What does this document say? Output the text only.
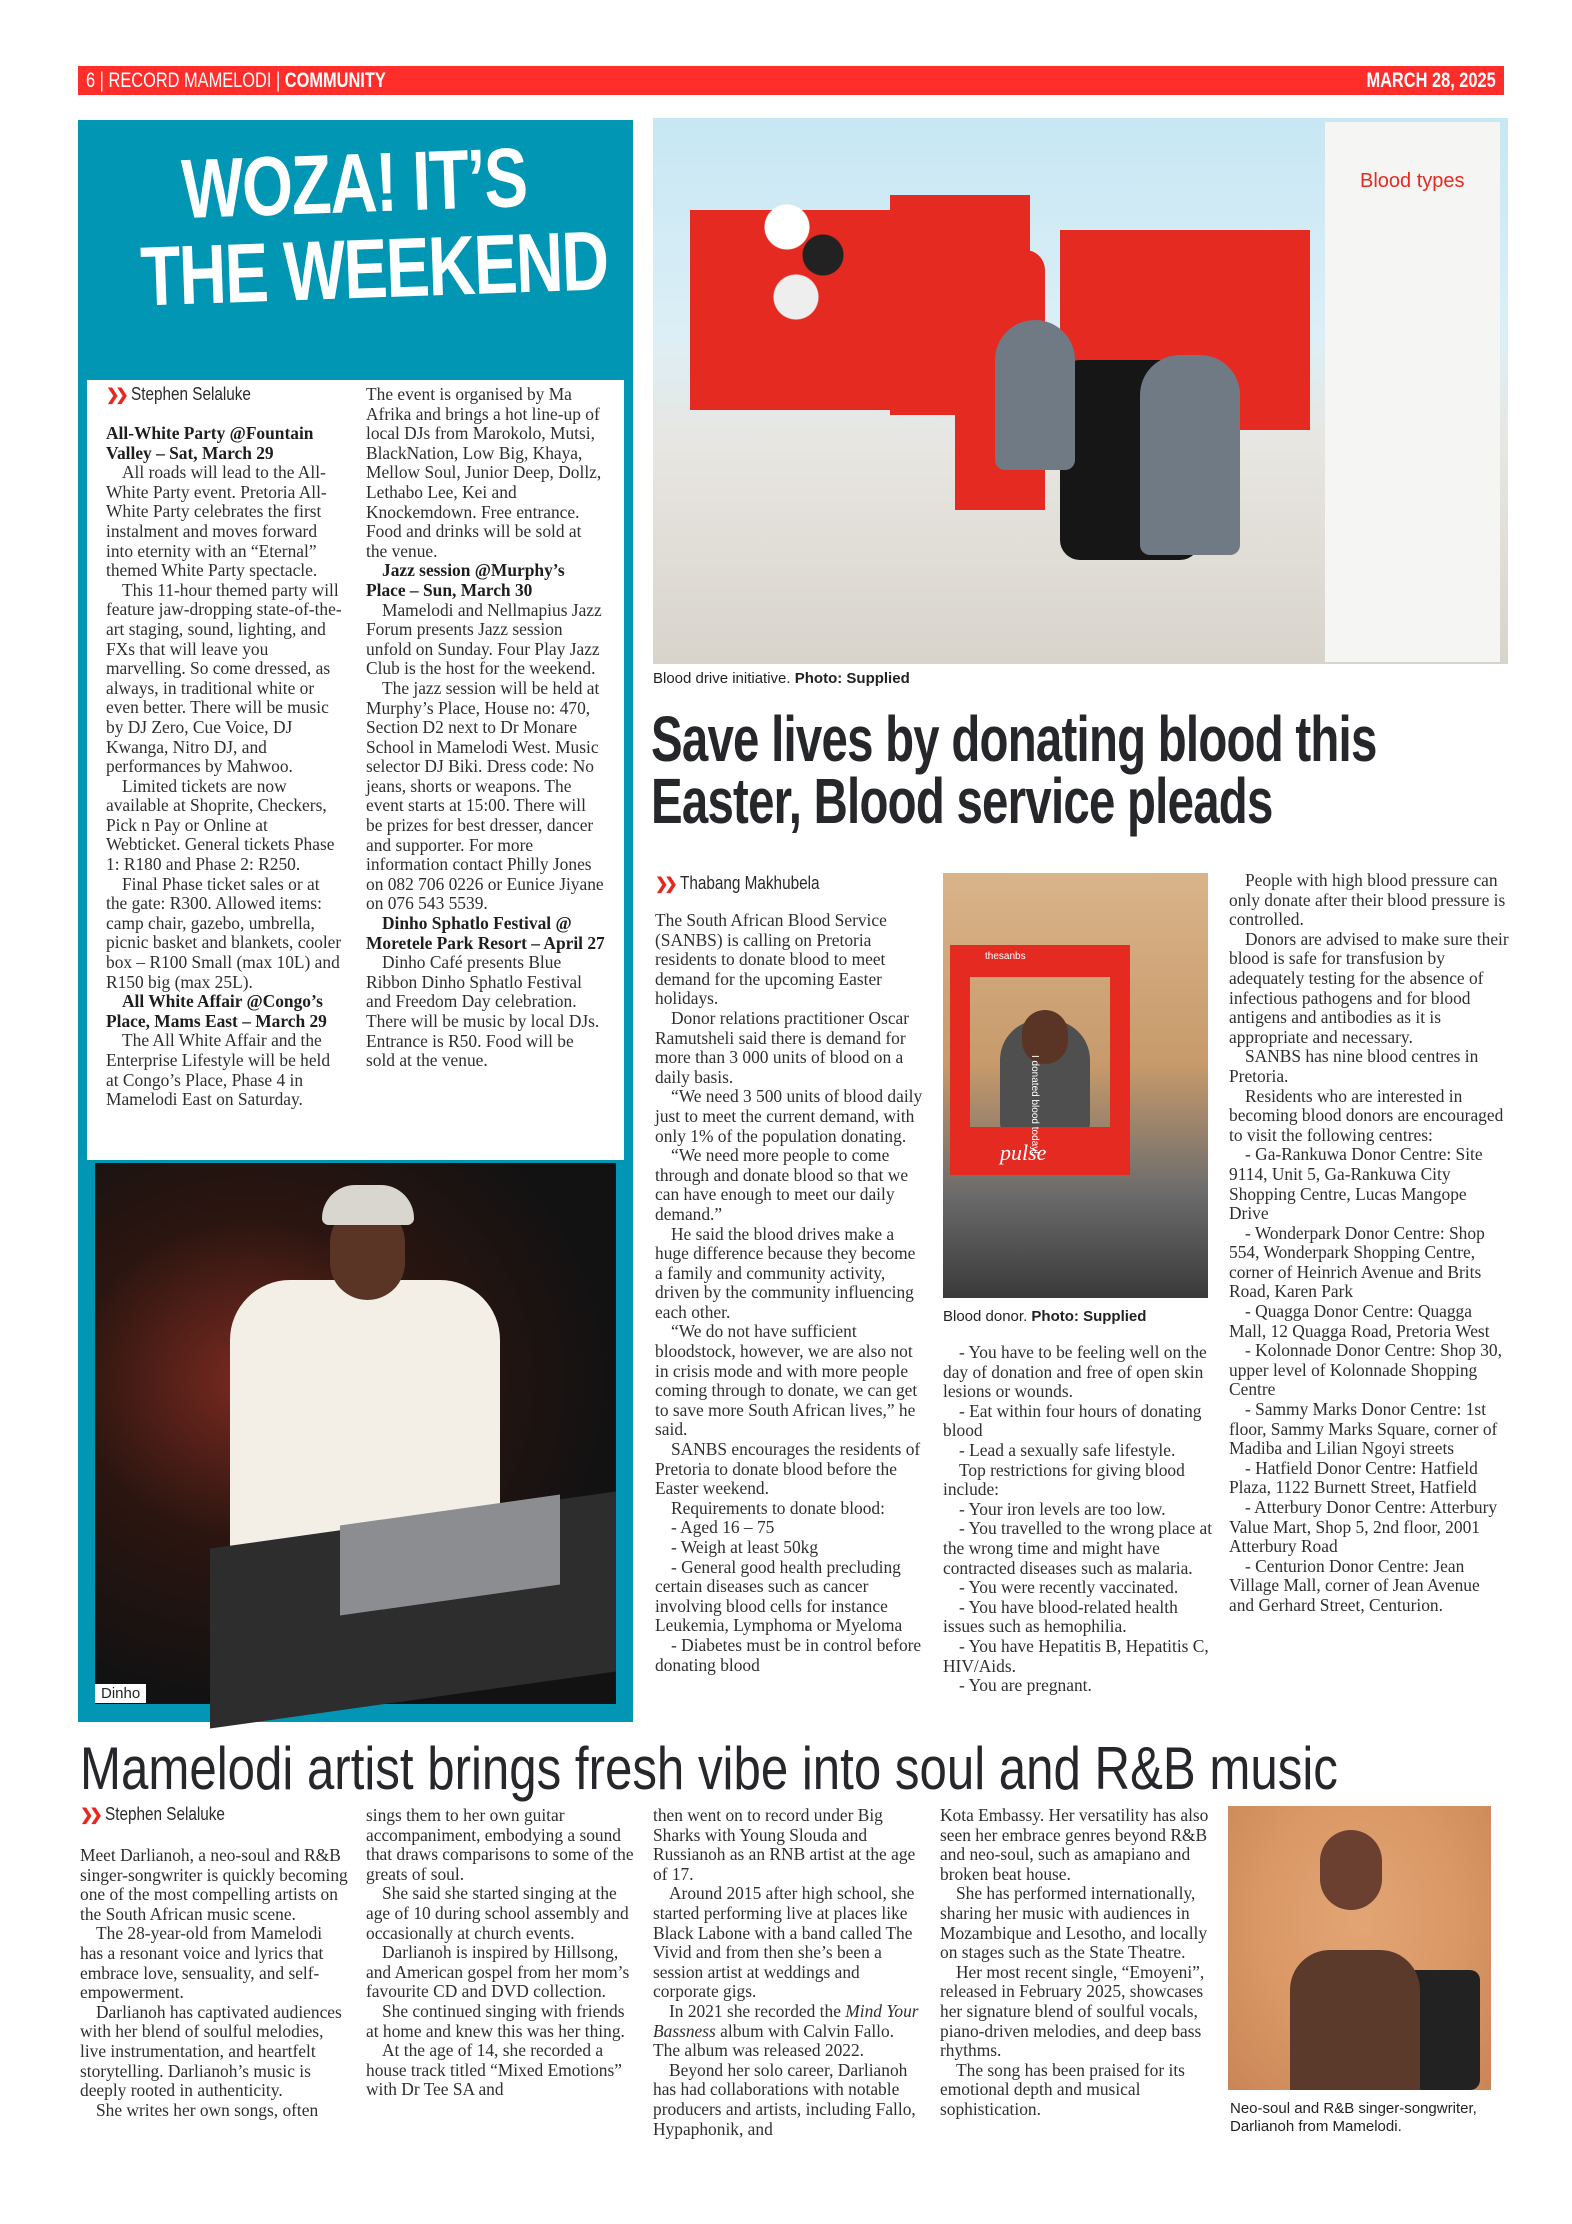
6 | RECORD MAMELODI | COMMUNITY	MARCH 28, 2025
WOZA! IT’S
THE WEEKEND
❯❯ Stephen Selaluke

All-White Party @Fountain Valley – Sat, March 29

All roads will lead to the All-White Party event. Pretoria All-White Party celebrates the first instalment and moves forward into eternity with an “Eternal” themed White Party spectacle.

This 11-hour themed party will feature jaw-dropping state-of-the-art staging, sound, lighting, and FXs that will leave you marvelling. So come dressed, as always, in traditional white or even better. There will be music by DJ Zero, Cue Voice, DJ Kwanga, Nitro DJ, and performances by Mahwoo.

Limited tickets are now available at Shoprite, Checkers, Pick n Pay or Online at Webticket. General tickets Phase 1: R180 and Phase 2: R250.

Final Phase ticket sales or at the gate: R300. Allowed items: camp chair, gazebo, umbrella, picnic basket and blankets, cooler box – R100 Small (max 10L) and R150 big (max 25L).

All White Affair @Congo’s Place, Mams East – March 29

The All White Affair and the Enterprise Lifestyle will be held at Congo’s Place, Phase 4 in Mamelodi East on Saturday.

The event is organised by Ma Afrika and brings a hot line-up of local DJs from Marokolo, Mutsi, BlackNation, Low Big, Khaya, Mellow Soul, Junior Deep, Dollz, Lethabo Lee, Kei and Knockemdown. Free entrance. Food and drinks will be sold at the venue.

Jazz session @Murphy’s Place – Sun, March 30

Mamelodi and Nellmapius Jazz Forum presents Jazz session unfold on Sunday. Four Play Jazz Club is the host for the weekend.

The jazz session will be held at Murphy’s Place, House no: 470, Section D2 next to Dr Monare School in Mamelodi West. Music selector DJ Biki. Dress code: No jeans, shorts or weapons. The event starts at 15:00. There will be prizes for best dresser, dancer and supporter. For more information contact Philly Jones on 082 706 0226 or Eunice Jiyane on 076 543 5539.

Dinho Sphatlo Festival @ Moretele Park Resort – April 27

Dinho Café presents Blue Ribbon Dinho Sphatlo Festival and Freedom Day celebration. There will be music by local DJs. Entrance is R50. Food will be sold at the venue.

Dinho
Blood types
Blood drive initiative. Photo: Supplied
Save lives by donating blood this
Easter, Blood service pleads
❯❯ Thabang Makhubela

The South African Blood Service (SANBS) is calling on Pretoria residents to donate blood to meet demand for the upcoming Easter holidays.

Donor relations practitioner Oscar Ramutsheli said there is demand for more than 3 000 units of blood on a daily basis.

“We need 3 500 units of blood daily just to meet the current demand, with only 1% of the population donating.

“We need more people to come through and donate blood so that we can have enough to meet our daily demand.”

He said the blood drives make a huge difference because they become a family and community activity, driven by the community influencing each other.

“We do not have sufficient bloodstock, however, we are also not in crisis mode and with more people coming through to donate, we can get to save more South African lives,” he said.

SANBS encourages the residents of Pretoria to donate blood before the Easter weekend.

Requirements to donate blood:

- Aged 16 – 75

- Weigh at least 50kg

- General good health precluding certain diseases such as cancer involving blood cells for instance Leukemia, Lymphoma or Myeloma

- Diabetes must be in control before donating blood

thesanbs
pulse
I donated blood today!
Blood donor. Photo: Supplied

- You have to be feeling well on the day of donation and free of open skin lesions or wounds.

- Eat within four hours of donating blood

- Lead a sexually safe lifestyle.

Top restrictions for giving blood include:

- Your iron levels are too low.

- You travelled to the wrong place at the wrong time and might have contracted diseases such as malaria.

- You were recently vaccinated.

- You have blood-related health issues such as hemophilia.

- You have Hepatitis B, Hepatitis C, HIV/Aids.

- You are pregnant.

People with high blood pressure can only donate after their blood pressure is controlled.

Donors are advised to make sure their blood is safe for transfusion by adequately testing for the absence of infectious pathogens and for blood antigens and antibodies as it is appropriate and necessary.

SANBS has nine blood centres in Pretoria.

Residents who are interested in becoming blood donors are encouraged to visit the following centres:

- Ga-Rankuwa Donor Centre: Site 9114, Unit 5, Ga-Rankuwa City Shopping Centre, Lucas Mangope Drive

- Wonderpark Donor Centre: Shop 554, Wonderpark Shopping Centre, corner of Heinrich Avenue and Brits Road, Karen Park

- Quagga Donor Centre: Quagga Mall, 12 Quagga Road, Pretoria West

- Kolonnade Donor Centre: Shop 30, upper level of Kolonnade Shopping Centre

- Sammy Marks Donor Centre: 1st floor, Sammy Marks Square, corner of Madiba and Lilian Ngoyi streets

- Hatfield Donor Centre: Hatfield Plaza, 1122 Burnett Street, Hatfield

- Atterbury Donor Centre: Atterbury Value Mart, Shop 5, 2nd floor, 2001 Atterbury Road

- Centurion Donor Centre: Jean Village Mall, corner of Jean Avenue and Gerhard Street, Centurion.

Mamelodi artist brings fresh vibe into soul and R&B music
❯❯ Stephen Selaluke

Meet Darlianoh, a neo-soul and R&B singer-songwriter is quickly becoming one of the most compelling artists on the South African music scene.

The 28-year-old from Mamelodi has a resonant voice and lyrics that embrace love, sensuality, and self-empowerment.

Darlianoh has captivated audiences with her blend of soulful melodies, live instrumentation, and heartfelt storytelling. Darlianoh’s music is deeply rooted in authenticity.

She writes her own songs, often

sings them to her own guitar accompaniment, embodying a sound that draws comparisons to some of the greats of soul.

She said she started singing at the age of 10 during school assembly and occasionally at church events.

Darlianoh is inspired by Hillsong, and American gospel from her mom’s favourite CD and DVD collection.

She continued singing with friends at home and knew this was her thing.

At the age of 14, she recorded a house track titled “Mixed Emotions” with Dr Tee SA and

then went on to record under Big Sharks with Young Slouda and Russianoh as an RNB artist at the age of 17.

Around 2015 after high school, she started performing live at places like Black Labone with a band called The Vivid and from then she’s been a session artist at weddings and corporate gigs.

In 2021 she recorded the Mind Your Bassness album with Calvin Fallo. The album was released 2022.

Beyond her solo career, Darlianoh has had collaborations with notable producers and artists, including Fallo, Hypaphonik, and

Kota Embassy. Her versatility has also seen her embrace genres beyond R&B and neo-soul, such as amapiano and broken beat house.

She has performed internationally, sharing her music with audiences in Mozambique and Lesotho, and locally on stages such as the State Theatre.

Her most recent single, “Emoyeni”, released in February 2025, showcases her signature blend of soulful vocals, piano-driven melodies, and deep bass rhythms.

The song has been praised for its emotional depth and musical sophistication.	Neo-soul and R&B singer-songwriter, Darlianoh from Mamelodi.
